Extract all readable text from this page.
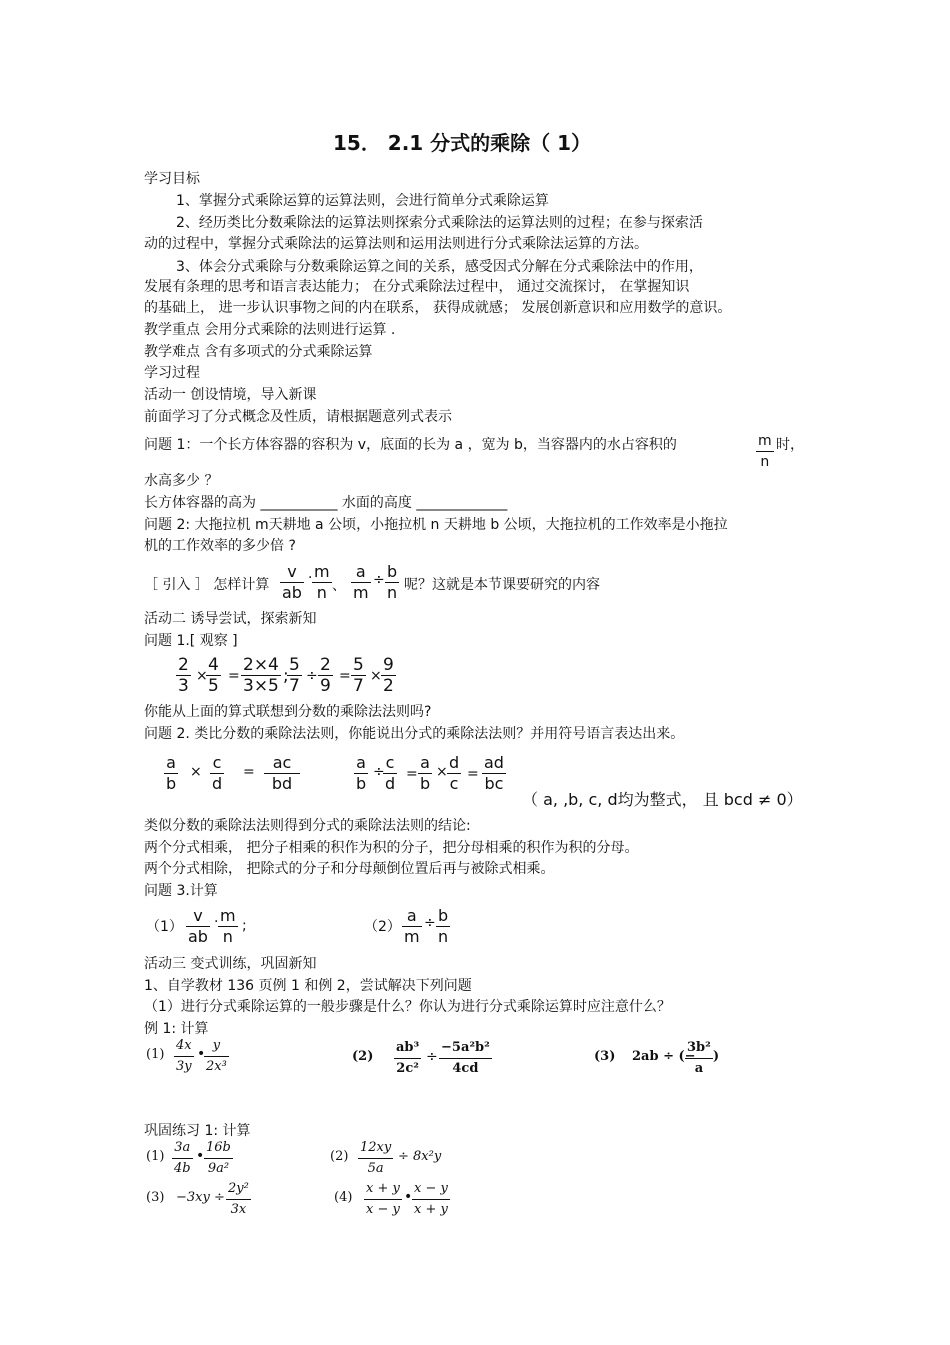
15． 2.1 分式的乘除（ 1）
学习目标
1、掌握分式乘除运算的运算法则，会进行简单分式乘除运算
2、经历类比分数乘除法的运算法则探索分式乘除法的运算法则的过程；在参与探索活
动的过程中，掌握分式乘除法的运算法则和运用法则进行分式乘除法运算的方法。
3、体会分式乘除与分数乘除运算之间的关系，感受因式分解在分式乘除法中的作用，
发展有条理的思考和语言表达能力； 在分式乘除法过程中， 通过交流探讨， 在掌握知识
的基础上， 进一步认识事物之间的内在联系， 获得成就感； 发展创新意识和应用数学的意识。
教学重点 会用分式乘除的法则进行运算 .
教学难点 含有多项式的分式乘除运算
学习过程
活动一 创设情境，导入新课
前面学习了分式概念及性质，请根据题意列式表示
问题 1：一个长方体容器的容积为 v，底面的长为 a ，宽为 b，当容器内的水占容积的	$\frac{m}{n}$ 时，
水高多少 ？
长方体容器的高为 ___________ 水面的高度 _____________
问题 2: 大拖拉机 m天耕地 a 公顷，小拖拉机 n 天耕地 b 公顷，大拖拉机的工作效率是小拖拉
机的工作效率的多少倍 ?
［ 引入 ］ 怎样计算 $\frac{v}{ab} \cdot \frac{m}{n}$ 、 $\frac{a}{m} \div \frac{b}{n}$ 呢？这就是本节课要研究的内容
活动二 诱导尝试，探索新知
问题 1.[ 观察 ]
$\frac{2}{3}$ ×
$\frac{4}{5} = \frac{2\times 4}{3\times 5}$ ;
$\frac{5}{7} \div \frac{2}{9} = \frac{5}{7} \times \frac{9}{2}$
你能从上面的算式联想到分数的乘除法法则吗?
问题 2. 类比分数的乘除法法则，你能说出分式的乘除法法则？并用符号语言表达出来。
$\frac{a}{b} \times \frac{c}{d} = \frac{ac}{bd}$	$\frac{a}{b}$ ÷
$\frac{c}{d} = \frac{a}{b} \times \frac{d}{c} = \frac{ad}{bc}$
（ a, ,b, c, d均为整式， 且 bcd ≠ 0）
类似分数的乘除法法则得到分式的乘除法法则的结论:
两个分式相乘， 把分子相乘的积作为积的分子，把分母相乘的积作为积的分母。
两个分式相除， 把除式的分子和分母颠倒位置后再与被除式相乘。
问题 3.计算
$(1) \frac{v}{ab} \cdot \frac{m}{n}$ ;	$(2) \frac{a}{m} \div \frac{b}{n}$
活动三 变式训练，巩固新知
1、自学教材 136 页例 1 和例 2，尝试解决下列问题
（1）进行分式乘除运算的一般步骤是什么？你认为进行分式乘除运算时应注意什么？
例 1: 计算
$(1) \frac{4x}{3y}$ •
$\frac{y}{\text{2x³}}$	$(2) \frac{\text{ab³}}{\text{2c²}} \div \frac{\text{−5a²b²}}{4cd}$	(3) 2ab ÷ (−
$\frac{\text{3b²}}{a}$ )
巩固练习 1: 计算
$(1) \frac{3a}{4b}$ • $\frac{16b}{\text{9a²}}$	$(2) \frac{12xy}{5a} \div 8x^2y$
$(3) -3xy \div \frac{\text{2y²}}{3x}$	$(4) \frac{x + y}{x - y}$ • $\frac{x - y}{x + y}$
